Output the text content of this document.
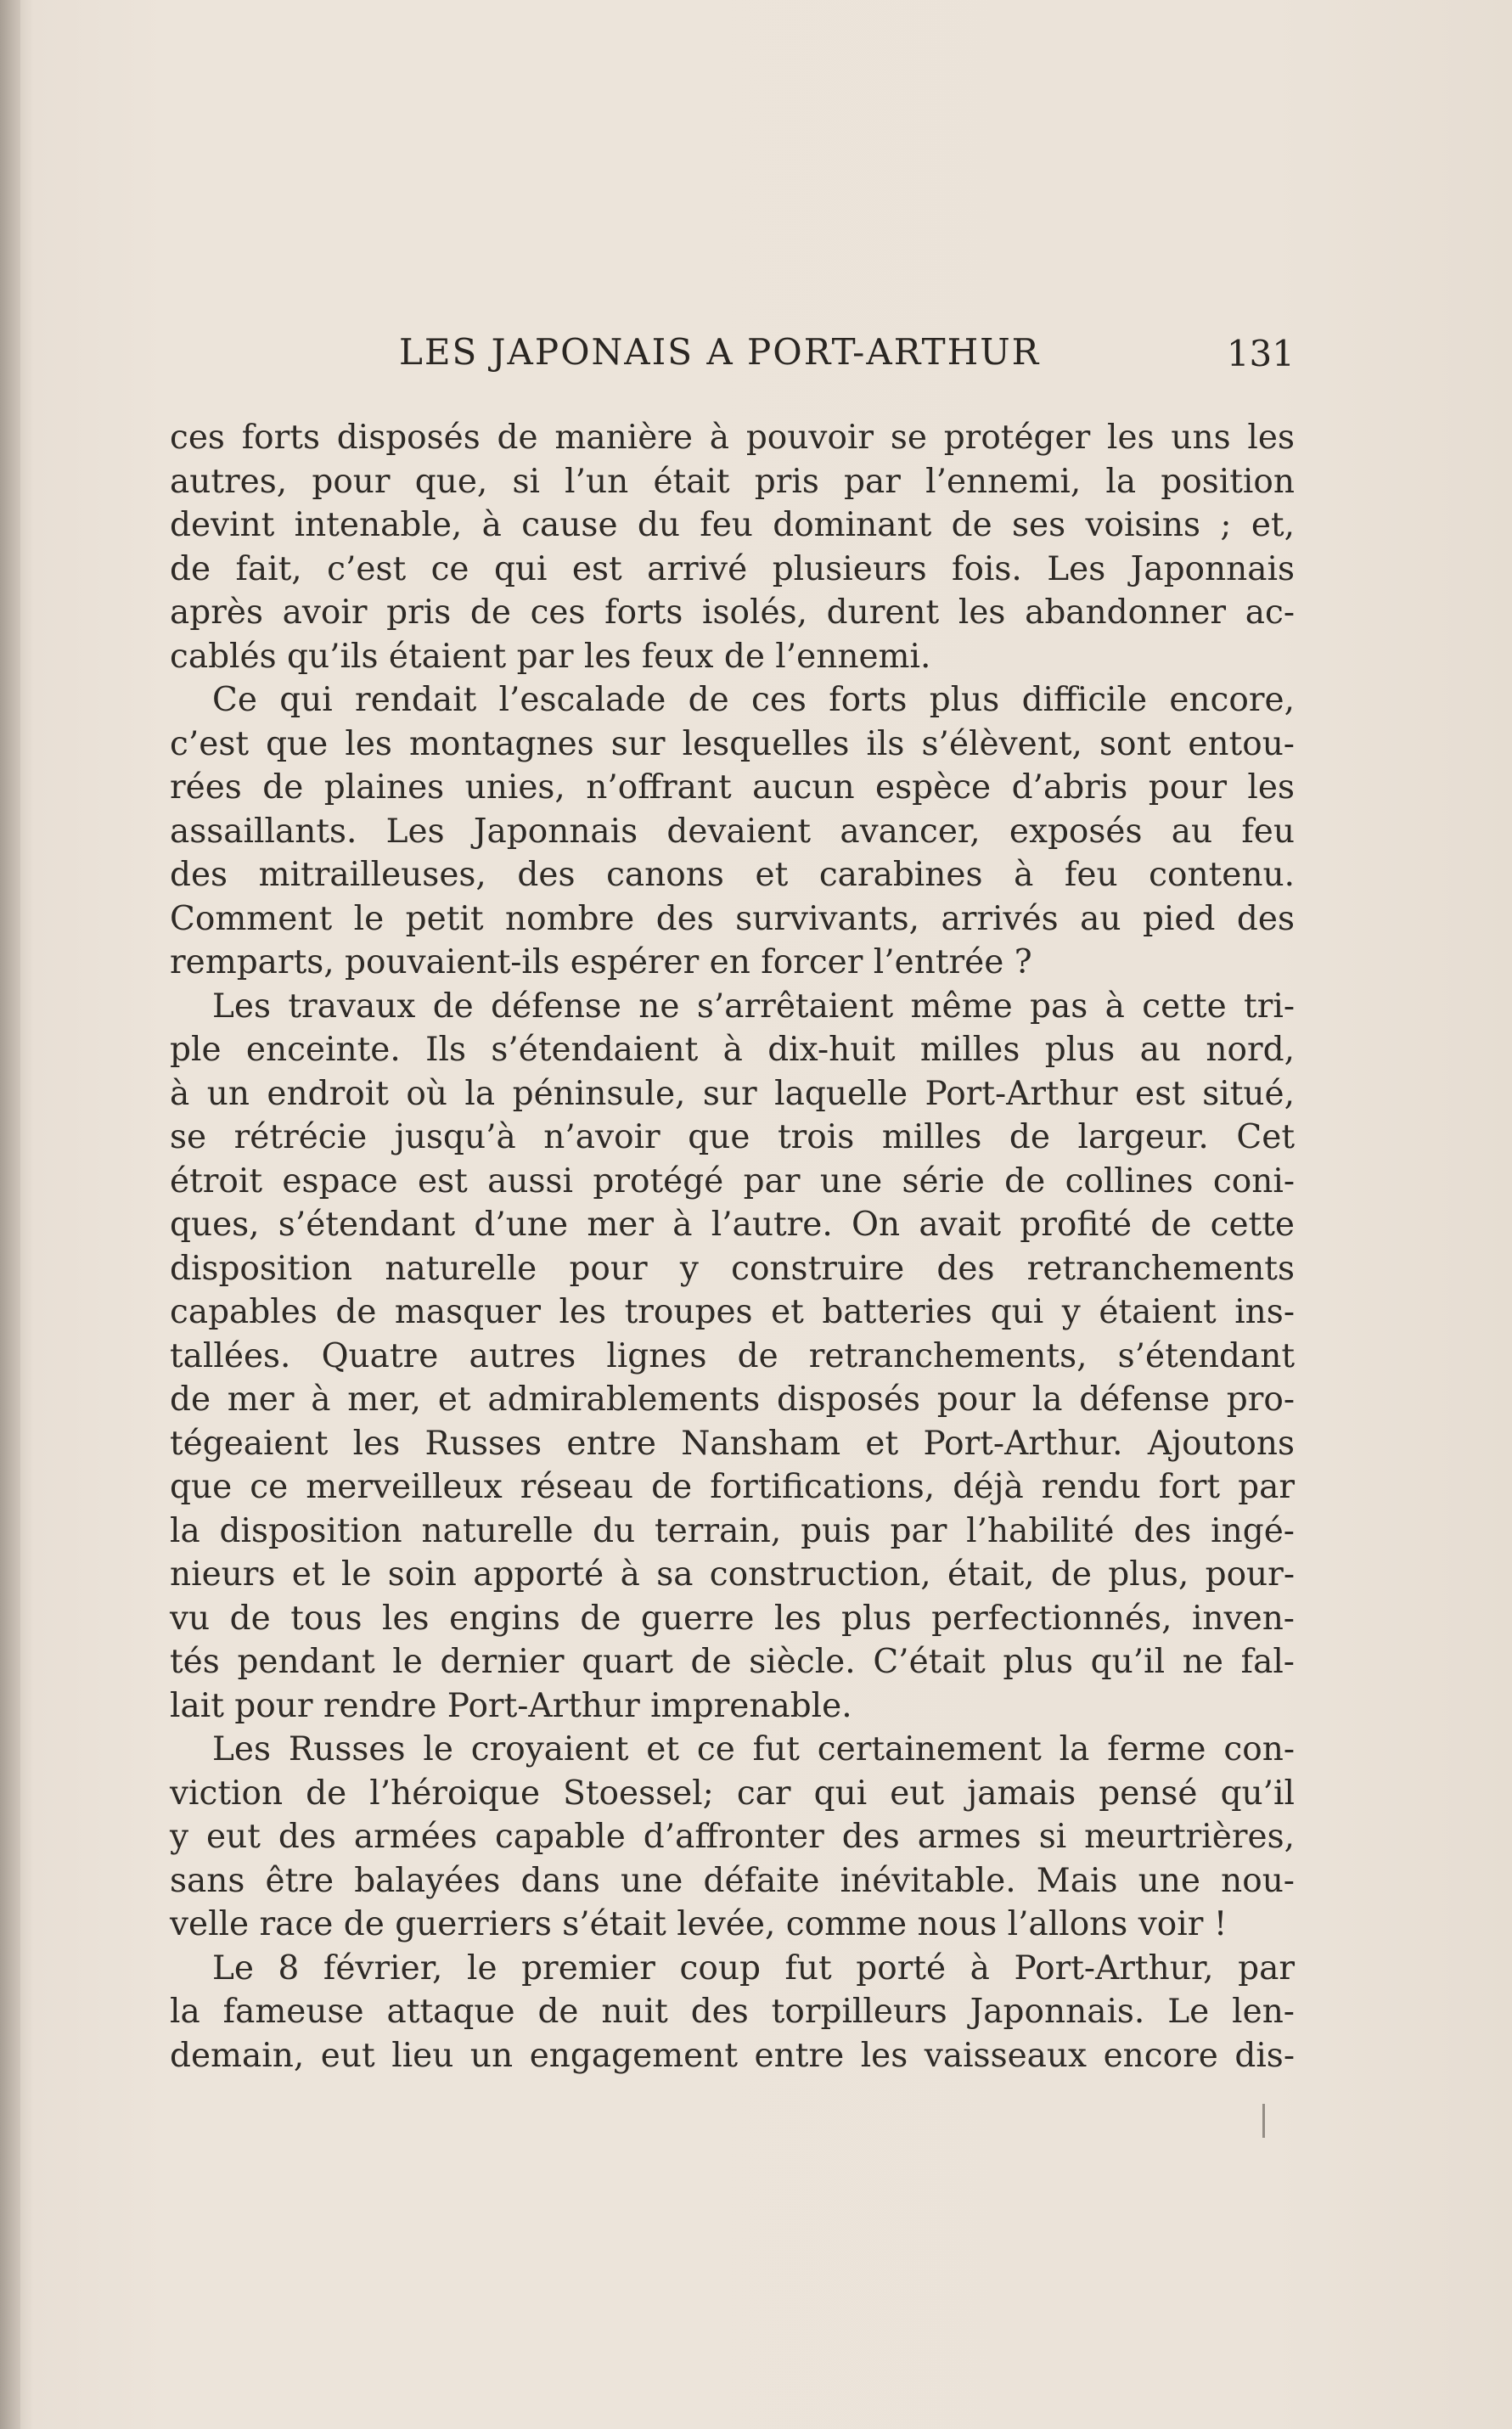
LES JAPONAIS A PORT-ARTHUR	131
ces forts disposés de manière à pouvoir se protéger les uns les
autres, pour que, si l’un était pris par l’ennemi, la position
devint intenable, à cause du feu dominant de ses voisins ; et,
de fait, c’est ce qui est arrivé plusieurs fois. Les Japonnais
après avoir pris de ces forts isolés, durent les abandonner ac-
cablés qu’ils étaient par les feux de l’ennemi.
Ce qui rendait l’escalade de ces forts plus difficile encore,
c’est que les montagnes sur lesquelles ils s’élèvent, sont entou-
rées de plaines unies, n’offrant aucun espèce d’abris pour les
assaillants. Les Japonnais devaient avancer, exposés au feu
des mitrailleuses, des canons et carabines à feu contenu.
Comment le petit nombre des survivants, arrivés au pied des
remparts, pouvaient-ils espérer en forcer l’entrée ?
Les travaux de défense ne s’arrêtaient même pas à cette tri-
ple enceinte. Ils s’étendaient à dix-huit milles plus au nord,
à un endroit où la péninsule, sur laquelle Port-Arthur est situé,
se rétrécie jusqu’à n’avoir que trois milles de largeur. Cet
étroit espace est aussi protégé par une série de collines coni-
ques, s’étendant d’une mer à l’autre. On avait profité de cette
disposition naturelle pour y construire des retranchements
capables de masquer les troupes et batteries qui y étaient ins-
tallées. Quatre autres lignes de retranchements, s’étendant
de mer à mer, et admirablements disposés pour la défense pro-
tégeaient les Russes entre Nansham et Port-Arthur. Ajoutons
que ce merveilleux réseau de fortifications, déjà rendu fort par
la disposition naturelle du terrain, puis par l’habilité des ingé-
nieurs et le soin apporté à sa construction, était, de plus, pour-
vu de tous les engins de guerre les plus perfectionnés, inven-
tés pendant le dernier quart de siècle. C’était plus qu’il ne fal-
lait pour rendre Port-Arthur imprenable.
Les Russes le croyaient et ce fut certainement la ferme con-
viction de l’héroique Stoessel; car qui eut jamais pensé qu’il
y eut des armées capable d’affronter des armes si meurtrières,
sans être balayées dans une défaite inévitable. Mais une nou-
velle race de guerriers s’était levée, comme nous l’allons voir !
Le 8 février, le premier coup fut porté à Port-Arthur, par
la fameuse attaque de nuit des torpilleurs Japonnais. Le len-
demain, eut lieu un engagement entre les vaisseaux encore dis-
